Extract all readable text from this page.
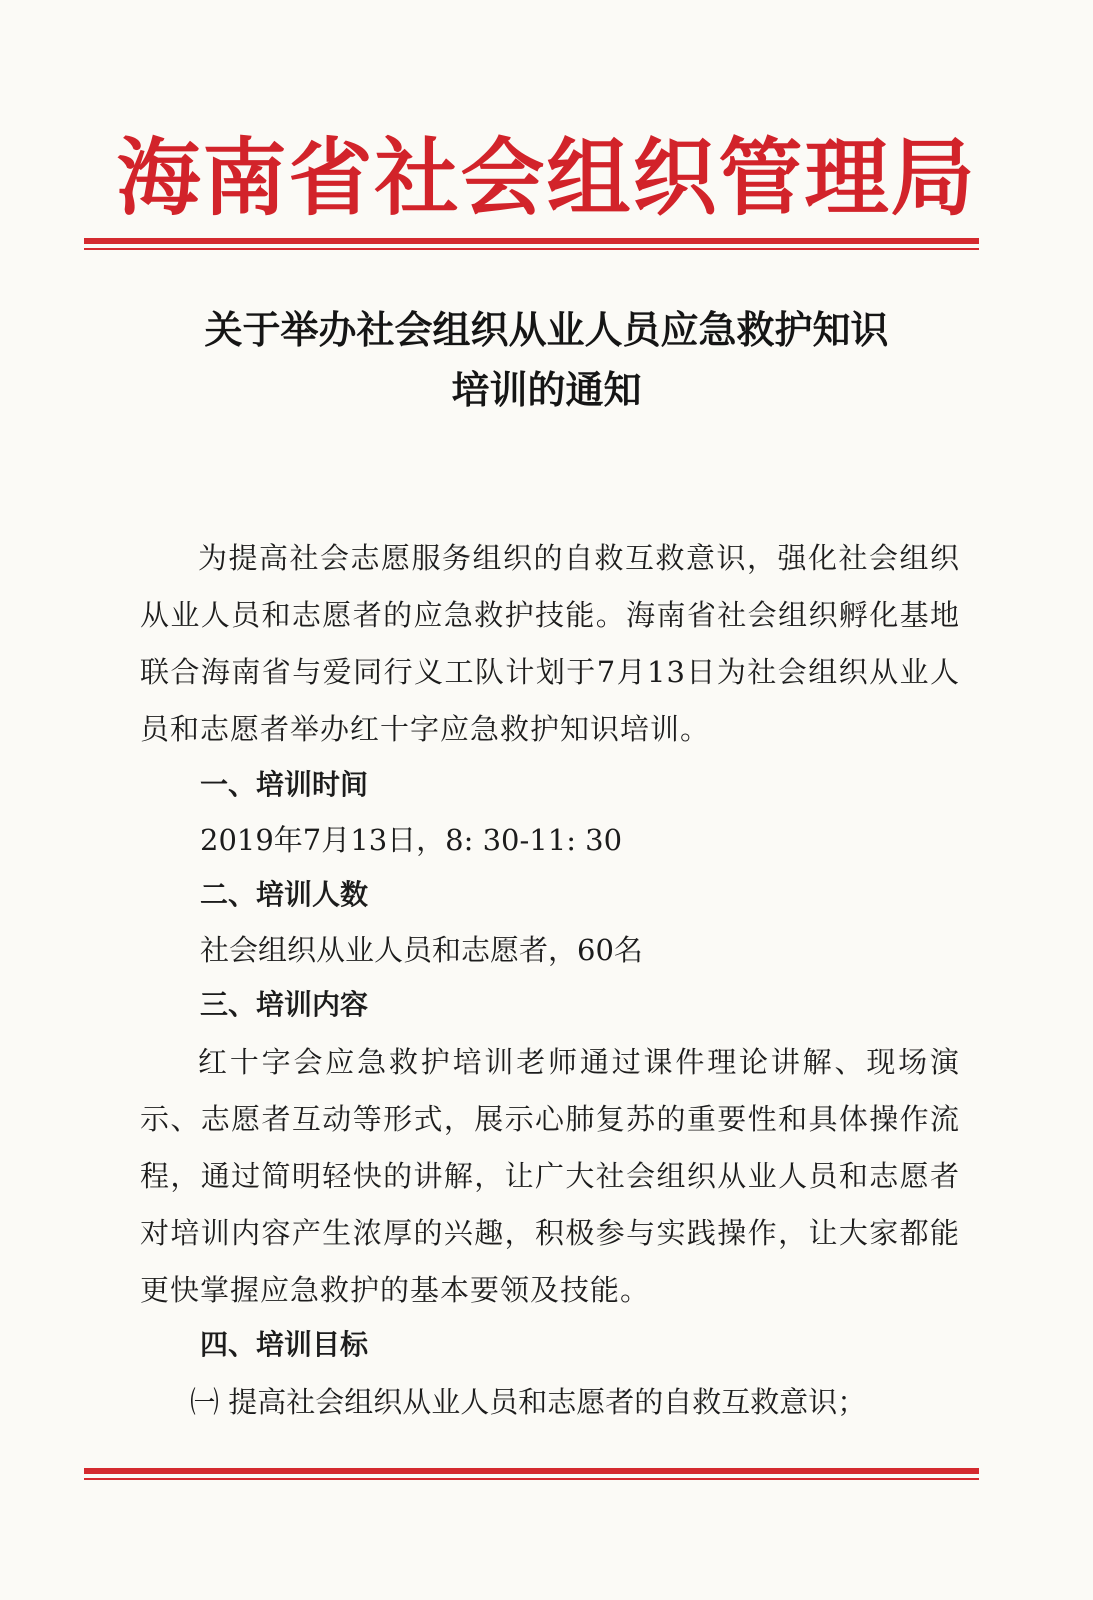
海南省社会组织管理局
关于举办社会组织从业人员应急救护知识
培训的通知

为提高社会志愿服务组织的自救互救意识，强化社会组织从业人员和志愿者的应急救护技能。海南省社会组织孵化基地联合海南省与爱同行义工队计划于7月13日为社会组织从业人员和志愿者举办红十字应急救护知识培训。

一、培训时间
2019年7月13日，8: 30-11: 30
二、培训人数
社会组织从业人员和志愿者，60名
三、培训内容

红十字会应急救护培训老师通过课件理论讲解、现场演示、志愿者互动等形式，展示心肺复苏的重要性和具体操作流程，通过简明轻快的讲解，让广大社会组织从业人员和志愿者对培训内容产生浓厚的兴趣，积极参与实践操作，让大家都能更快掌握应急救护的基本要领及技能。

四、培训目标
㈠ 提高社会组织从业人员和志愿者的自救互救意识；
